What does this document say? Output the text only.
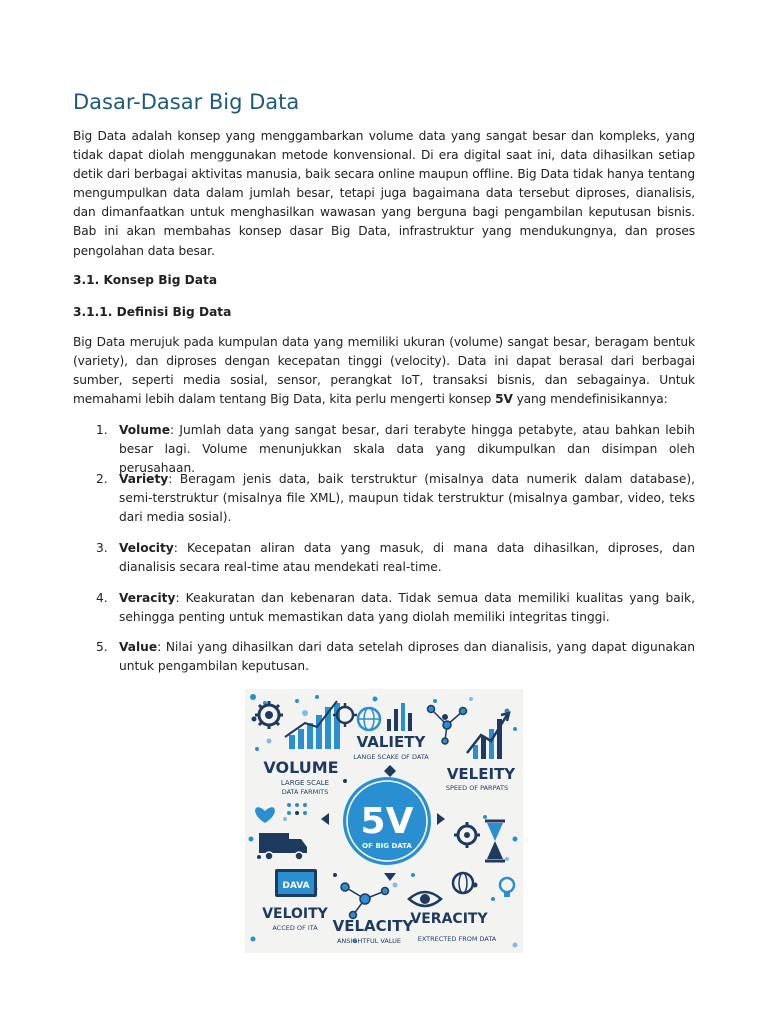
Dasar-Dasar Big Data

Big Data adalah konsep yang menggambarkan volume data yang sangat besar dan kompleks, yang tidak dapat diolah menggunakan metode konvensional. Di era digital saat ini, data dihasilkan setiap detik dari berbagai aktivitas manusia, baik secara online maupun offline. Big Data tidak hanya tentang mengumpulkan data dalam jumlah besar, tetapi juga bagaimana data tersebut diproses, dianalisis, dan dimanfaatkan untuk menghasilkan wawasan yang berguna bagi pengambilan keputusan bisnis. Bab ini akan membahas konsep dasar Big Data, infrastruktur yang mendukungnya, dan proses pengolahan data besar.

3.1. Konsep Big Data

3.1.1. Definisi Big Data

Big Data merujuk pada kumpulan data yang memiliki ukuran (volume) sangat besar, beragam bentuk (variety), dan diproses dengan kecepatan tinggi (velocity). Data ini dapat berasal dari berbagai sumber, seperti media sosial, sensor, perangkat IoT, transaksi bisnis, dan sebagainya. Untuk memahami lebih dalam tentang Big Data, kita perlu mengerti konsep 5V yang mendefinisikannya:

1. Volume: Jumlah data yang sangat besar, dari terabyte hingga petabyte, atau bahkan lebih besar lagi. Volume menunjukkan skala data yang dikumpulkan dan disimpan oleh perusahaan.

2. Variety: Beragam jenis data, baik terstruktur (misalnya data numerik dalam database), semi-terstruktur (misalnya file XML), maupun tidak terstruktur (misalnya gambar, video, teks dari media sosial).

3. Velocity: Kecepatan aliran data yang masuk, di mana data dihasilkan, diproses, dan dianalisis secara real-time atau mendekati real-time.

4. Veracity: Keakuratan dan kebenaran data. Tidak semua data memiliki kualitas yang baik, sehingga penting untuk memastikan data yang diolah memiliki integritas tinggi.

5. Value: Nilai yang dihasilkan dari data setelah diproses dan dianalisis, yang dapat digunakan untuk pengambilan keputusan.

VALIETY
LANGE SCAKE OF DATA
VOLUME
LARGE SCALE
DATA FARMITS
VELEITY
SPEED OF PARPATS
5V
OF BIG DATA
DAVA
VELOITY
ACCED OF ITA VELACITY
ANSIGHTFUL VALUE
VERACITY
EXTRECTED FROM DATA
